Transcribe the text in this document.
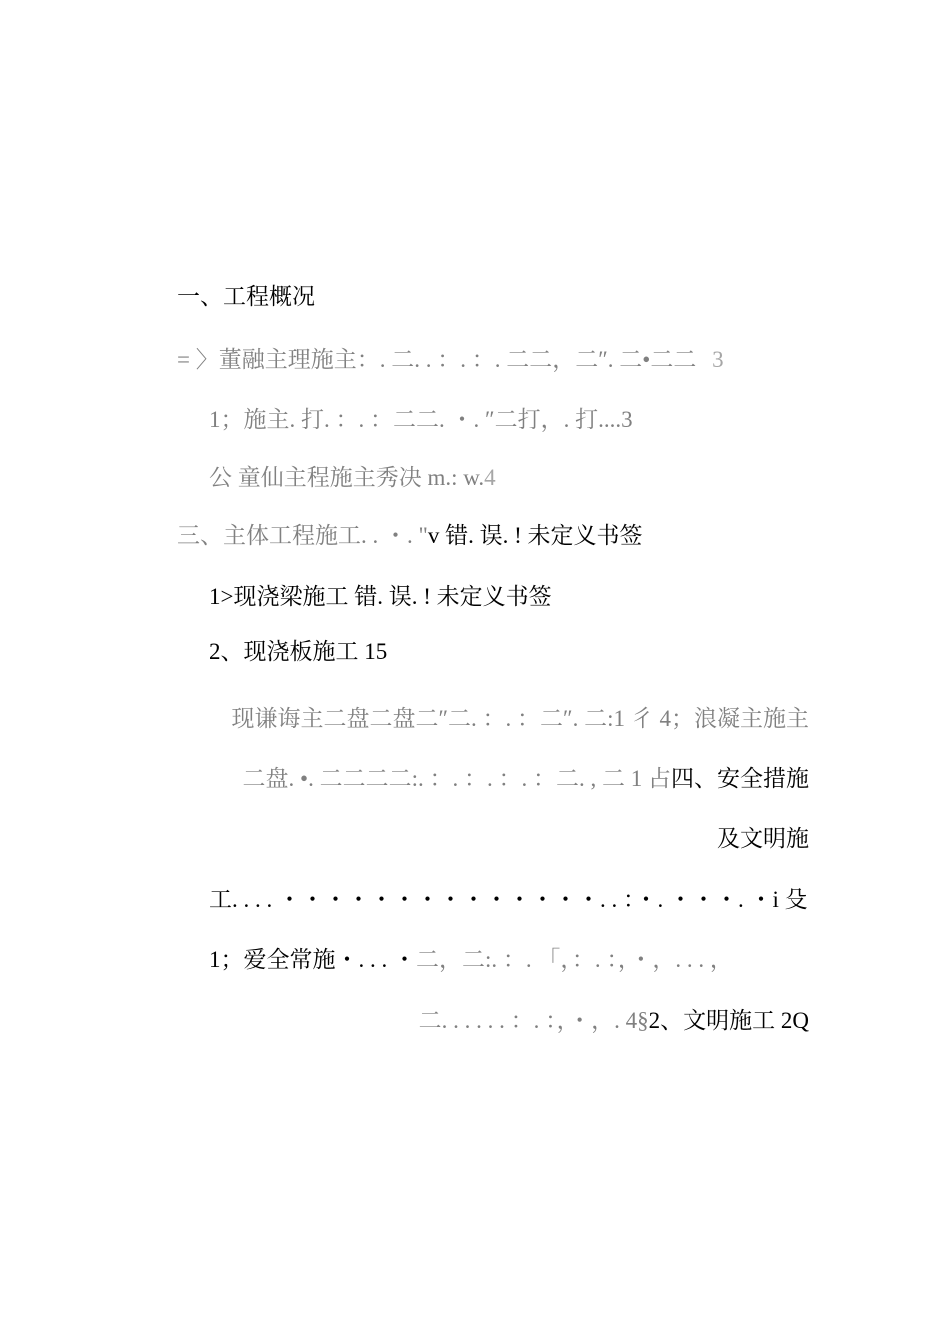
一、工程概况
= 〉董融主理施主：. 二. . ：. ：. 二二，二″. 二•二二 3
1；施主. 打. ：. ：二二. ・. ″二打，. 打....3
公 童仙主程施主秀决 m.: w.4
三、主体工程施工. . ・. "v 错. 误. ! 未定义书签
1>现浇梁施工 错. 误. ! 未定义书签
2、现浇板施工 15
现谦诲主二盘二盘二″二. ：. ：二″. 二:1 彳 4；浪凝主施主
二盘. •. 二二二二:. ：. ：. ：. ：二. , 二 1 占四、安全措施
及文明施
工. . . . ・・・・・・・・・・・・・・. . ：・. ・・・. ・i 殳
1；爱全常施・. . . ・二，二:. ：. 「，：. ：，・，. . . ，
二. . . . . . ：. ：，・，. 4§2、文明施工 2Q
